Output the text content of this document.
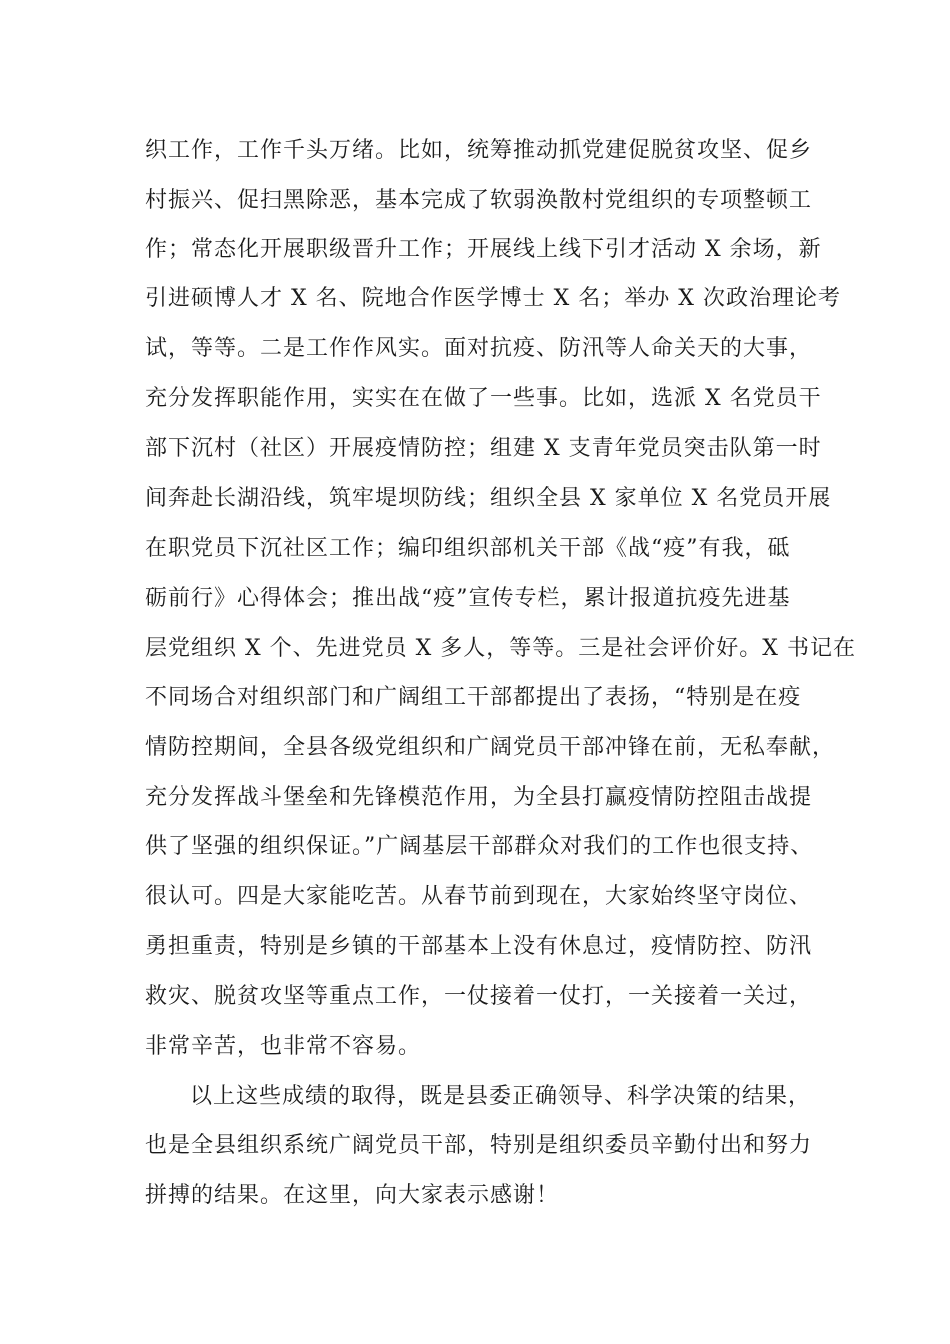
织工作，工作千头万绪。比如，统筹推动抓党建促脱贫攻坚、促乡
村振兴、促扫黑除恶，基本完成了软弱涣散村党组织的专项整顿工
作；常态化开展职级晋升工作；开展线上线下引才活动 X 余场，新
引进硕博人才 X 名、院地合作医学博士 X 名；举办 X 次政治理论考
试，等等。二是工作作风实。面对抗疫、防汛等人命关天的大事，
充分发挥职能作用，实实在在做了一些事。比如，选派 X 名党员干
部下沉村（社区）开展疫情防控；组建 X 支青年党员突击队第一时
间奔赴长湖沿线，筑牢堤坝防线；组织全县 X 家单位 X 名党员开展
在职党员下沉社区工作；编印组织部机关干部《战“疫”有我，砥
砺前行》心得体会；推出战“疫”宣传专栏，累计报道抗疫先进基
层党组织 X 个、先进党员 X 多人，等等。三是社会评价好。X 书记在
不同场合对组织部门和广阔组工干部都提出了表扬，“特别是在疫
情防控期间，全县各级党组织和广阔党员干部冲锋在前，无私奉献，
充分发挥战斗堡垒和先锋模范作用，为全县打赢疫情防控阻击战提
供了坚强的组织保证。”广阔基层干部群众对我们的工作也很支持、
很认可。四是大家能吃苦。从春节前到现在，大家始终坚守岗位、
勇担重责，特别是乡镇的干部基本上没有休息过，疫情防控、防汛
救灾、脱贫攻坚等重点工作，一仗接着一仗打，一关接着一关过，
非常辛苦，也非常不容易。
以上这些成绩的取得，既是县委正确领导、科学决策的结果，
也是全县组织系统广阔党员干部，特别是组织委员辛勤付出和努力
拼搏的结果。在这里，向大家表示感谢！
